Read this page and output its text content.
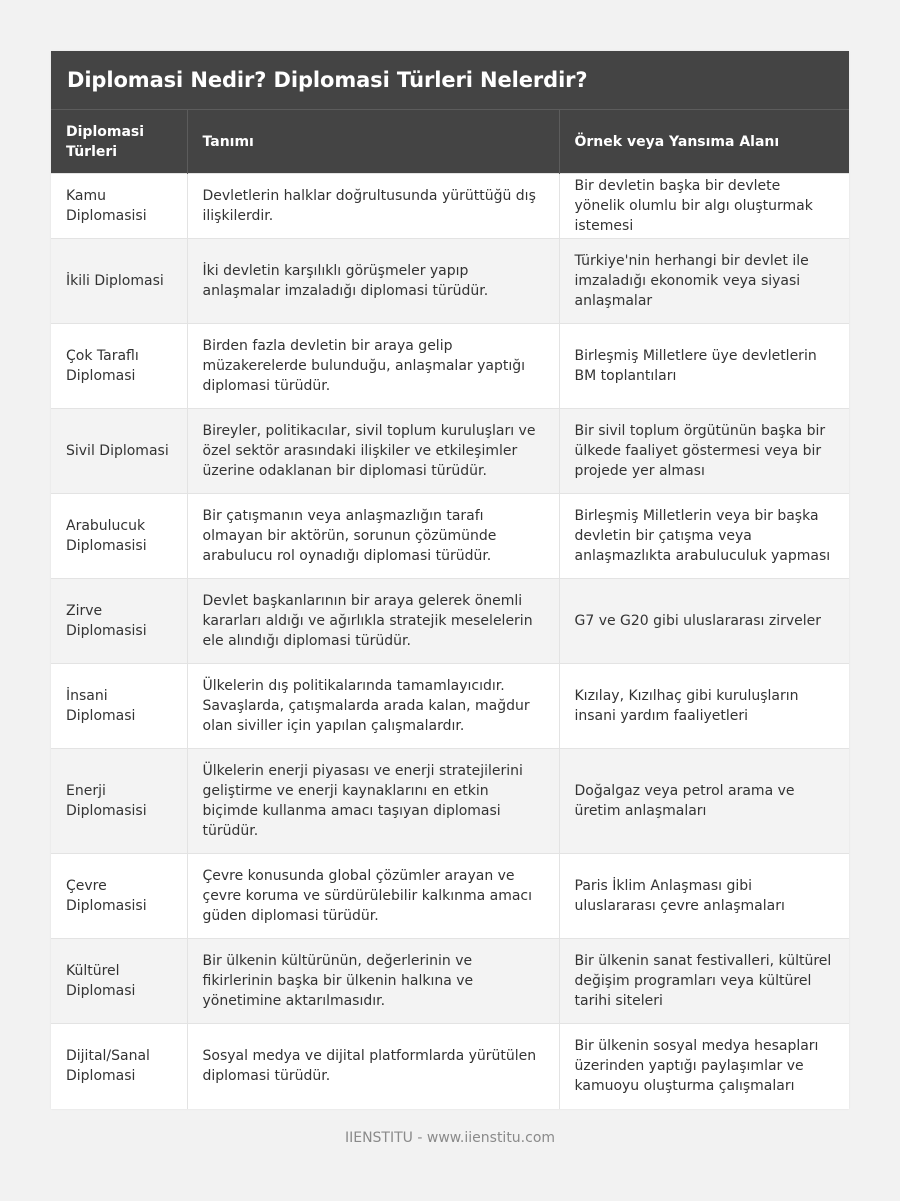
Diplomasi Nedir? Diplomasi Türleri Nelerdir?
Diplomasi Türleri	Tanımı	Örnek veya Yansıma Alanı
Kamu Diplomasisi	Devletlerin halklar doğrultusunda yürüttüğü dış ilişkilerdir.	Bir devletin başka bir devlete yönelik olumlu bir algı oluşturmak istemesi
İkili Diplomasi	İki devletin karşılıklı görüşmeler yapıp anlaşmalar imzaladığı diplomasi türüdür.	Türkiye'nin herhangi bir devlet ile imzaladığı ekonomik veya siyasi anlaşmalar
Çok Taraflı Diplomasi	Birden fazla devletin bir araya gelip müzakerelerde bulunduğu, anlaşmalar yaptığı diplomasi türüdür.	Birleşmiş Milletlere üye devletlerin BM toplantıları
Sivil Diplomasi	Bireyler, politikacılar, sivil toplum kuruluşları ve özel sektör arasındaki ilişkiler ve etkileşimler üzerine odaklanan bir diplomasi türüdür.	Bir sivil toplum örgütünün başka bir ülkede faaliyet göstermesi veya bir projede yer alması
Arabulucuk Diplomasisi	Bir çatışmanın veya anlaşmazlığın tarafı olmayan bir aktörün, sorunun çözümünde arabulucu rol oynadığı diplomasi türüdür.	Birleşmiş Milletlerin veya bir başka devletin bir çatışma veya anlaşmazlıkta arabuluculuk yapması
Zirve Diplomasisi	Devlet başkanlarının bir araya gelerek önemli kararları aldığı ve ağırlıkla stratejik meselelerin ele alındığı diplomasi türüdür.	G7 ve G20 gibi uluslararası zirveler
İnsani Diplomasi	Ülkelerin dış politikalarında tamamlayıcıdır. Savaşlarda, çatışmalarda arada kalan, mağdur olan siviller için yapılan çalışmalardır.	Kızılay, Kızılhaç gibi kuruluşların insani yardım faaliyetleri
Enerji Diplomasisi	Ülkelerin enerji piyasası ve enerji stratejilerini geliştirme ve enerji kaynaklarını en etkin biçimde kullanma amacı taşıyan diplomasi türüdür.	Doğalgaz veya petrol arama ve üretim anlaşmaları
Çevre Diplomasisi	Çevre konusunda global çözümler arayan ve çevre koruma ve sürdürülebilir kalkınma amacı güden diplomasi türüdür.	Paris İklim Anlaşması gibi uluslararası çevre anlaşmaları
Kültürel Diplomasi	Bir ülkenin kültürünün, değerlerinin ve fikirlerinin başka bir ülkenin halkına ve yönetimine aktarılmasıdır.	Bir ülkenin sanat festivalleri, kültürel değişim programları veya kültürel tarihi siteleri
Dijital/Sanal Diplomasi	Sosyal medya ve dijital platformlarda yürütülen diplomasi türüdür.	Bir ülkenin sosyal medya hesapları üzerinden yaptığı paylaşımlar ve kamuoyu oluşturma çalışmaları
IIENSTITU - www.iienstitu.com
